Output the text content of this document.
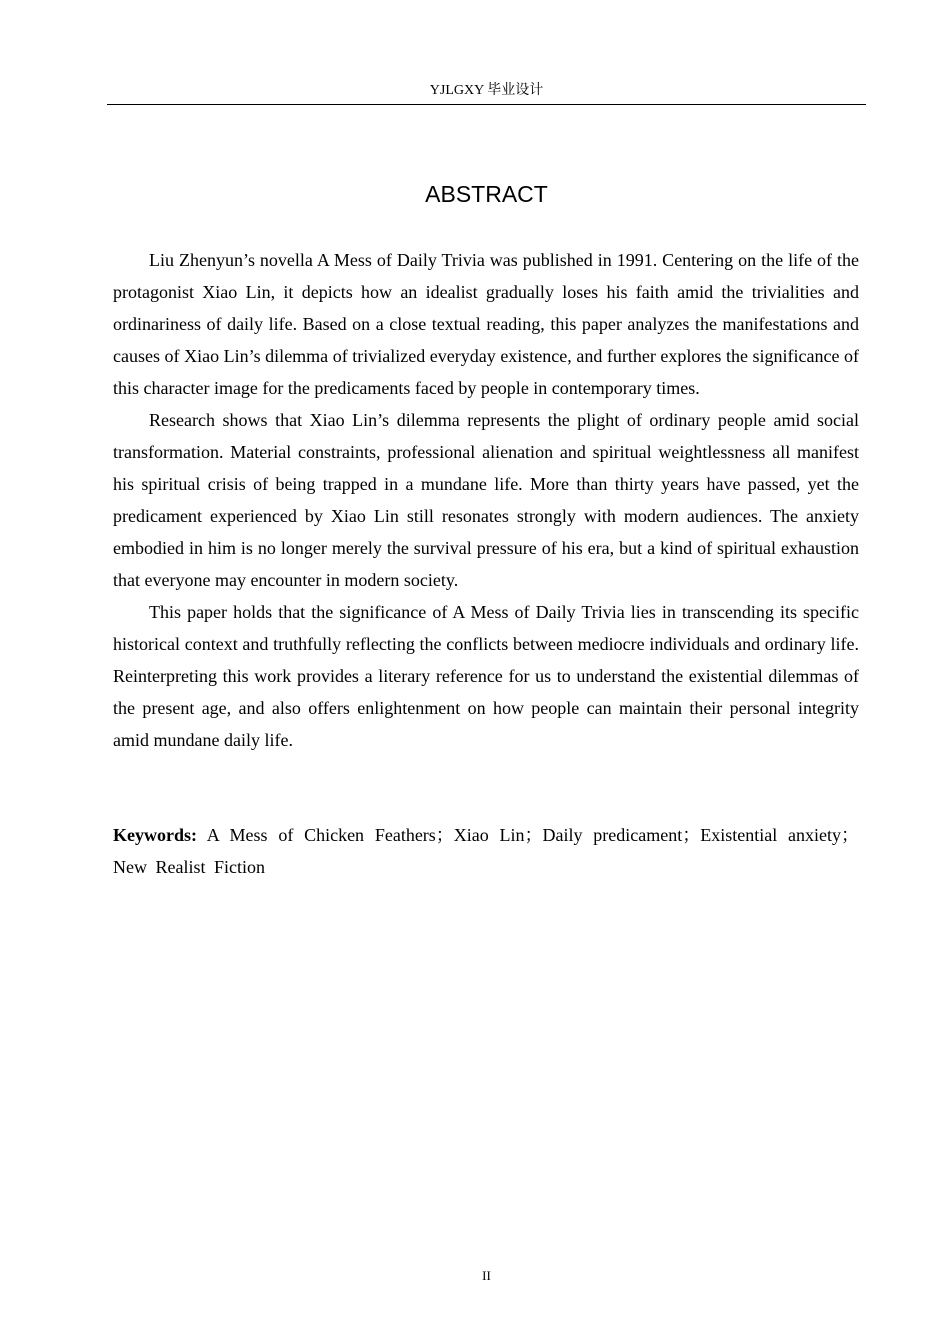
YJLGXY 毕业设计
ABSTRACT

Liu Zhenyun’s novella A Mess of Daily Trivia was published in 1991. Centering on the life of the protagonist Xiao Lin, it depicts how an idealist gradually loses his faith amid the trivialities and ordinariness of daily life. Based on a close textual reading, this paper analyzes the manifestations and causes of Xiao Lin’s dilemma of trivialized everyday existence, and further explores the significance of this character image for the predicaments faced by people in contemporary times.

Research shows that Xiao Lin’s dilemma represents the plight of ordinary people amid social transformation. Material constraints, professional alienation and spiritual weightlessness all manifest his spiritual crisis of being trapped in a mundane life. More than thirty years have passed, yet the predicament experienced by Xiao Lin still resonates strongly with modern audiences. The anxiety embodied in him is no longer merely the survival pressure of his era, but a kind of spiritual exhaustion that everyone may encounter in modern society.

This paper holds that the significance of A Mess of Daily Trivia lies in transcending its specific historical context and truthfully reflecting the conflicts between mediocre individuals and ordinary life. Reinterpreting this work provides a literary reference for us to understand the existential dilemmas of the present age, and also offers enlightenment on how people can maintain their personal integrity amid mundane daily life.

Keywords: A Mess of Chicken Feathers；Xiao Lin；Daily predicament；Existential anxiety；New Realist Fiction
II
